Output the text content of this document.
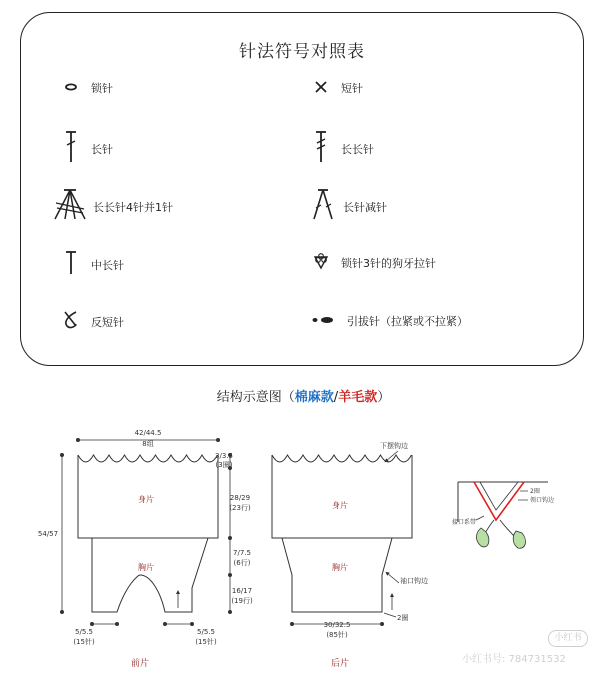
针法符号对照表
锁针
长针
长长针4针并1针
中长针
反短针
短针
长长针
长针减针
锁针3针的狗牙拉针
引拔针（拉紧或不拉紧）
结构示意图（棉麻款/羊毛款）
42/44.5
8组
54/57
3/3.5
(3圈)
28/29
(23行)
7/7.5
(6行)
16/17
(19行)
5/5.5
(15针)
5/5.5
(15针)
身片
胸片
前片
下摆钩边
袖口钩边
2圈
30/32.5
(85针)
身片
胸片
后片
2圈
领口钩边
接口系带
小红书
小红书号: 784731532
